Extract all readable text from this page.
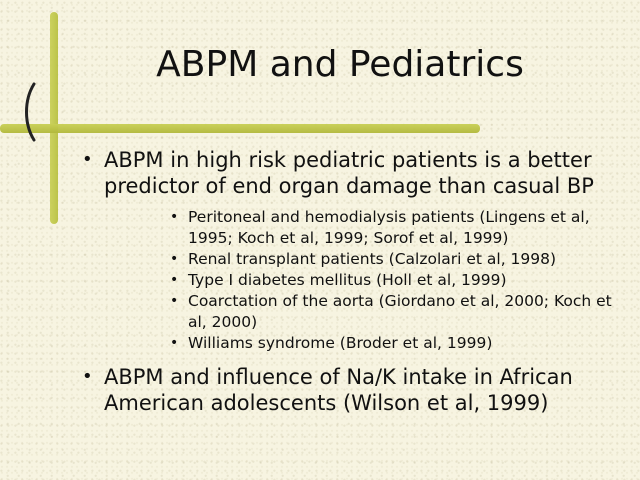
ABPM and Pediatrics
• ABPM in high risk pediatric patients is a better predictor of end organ damage than casual BP
• Peritoneal and hemodialysis patients (Lingens et al, 1995; Koch et al, 1999; Sorof et al, 1999)
• Renal transplant patients (Calzolari et al, 1998)
• Type I diabetes mellitus (Holl et al, 1999)
• Coarctation of the aorta (Giordano et al, 2000; Koch et al, 2000)
• Williams syndrome (Broder et al, 1999)
• ABPM and influence of Na/K intake in African American adolescents (Wilson et al, 1999)
